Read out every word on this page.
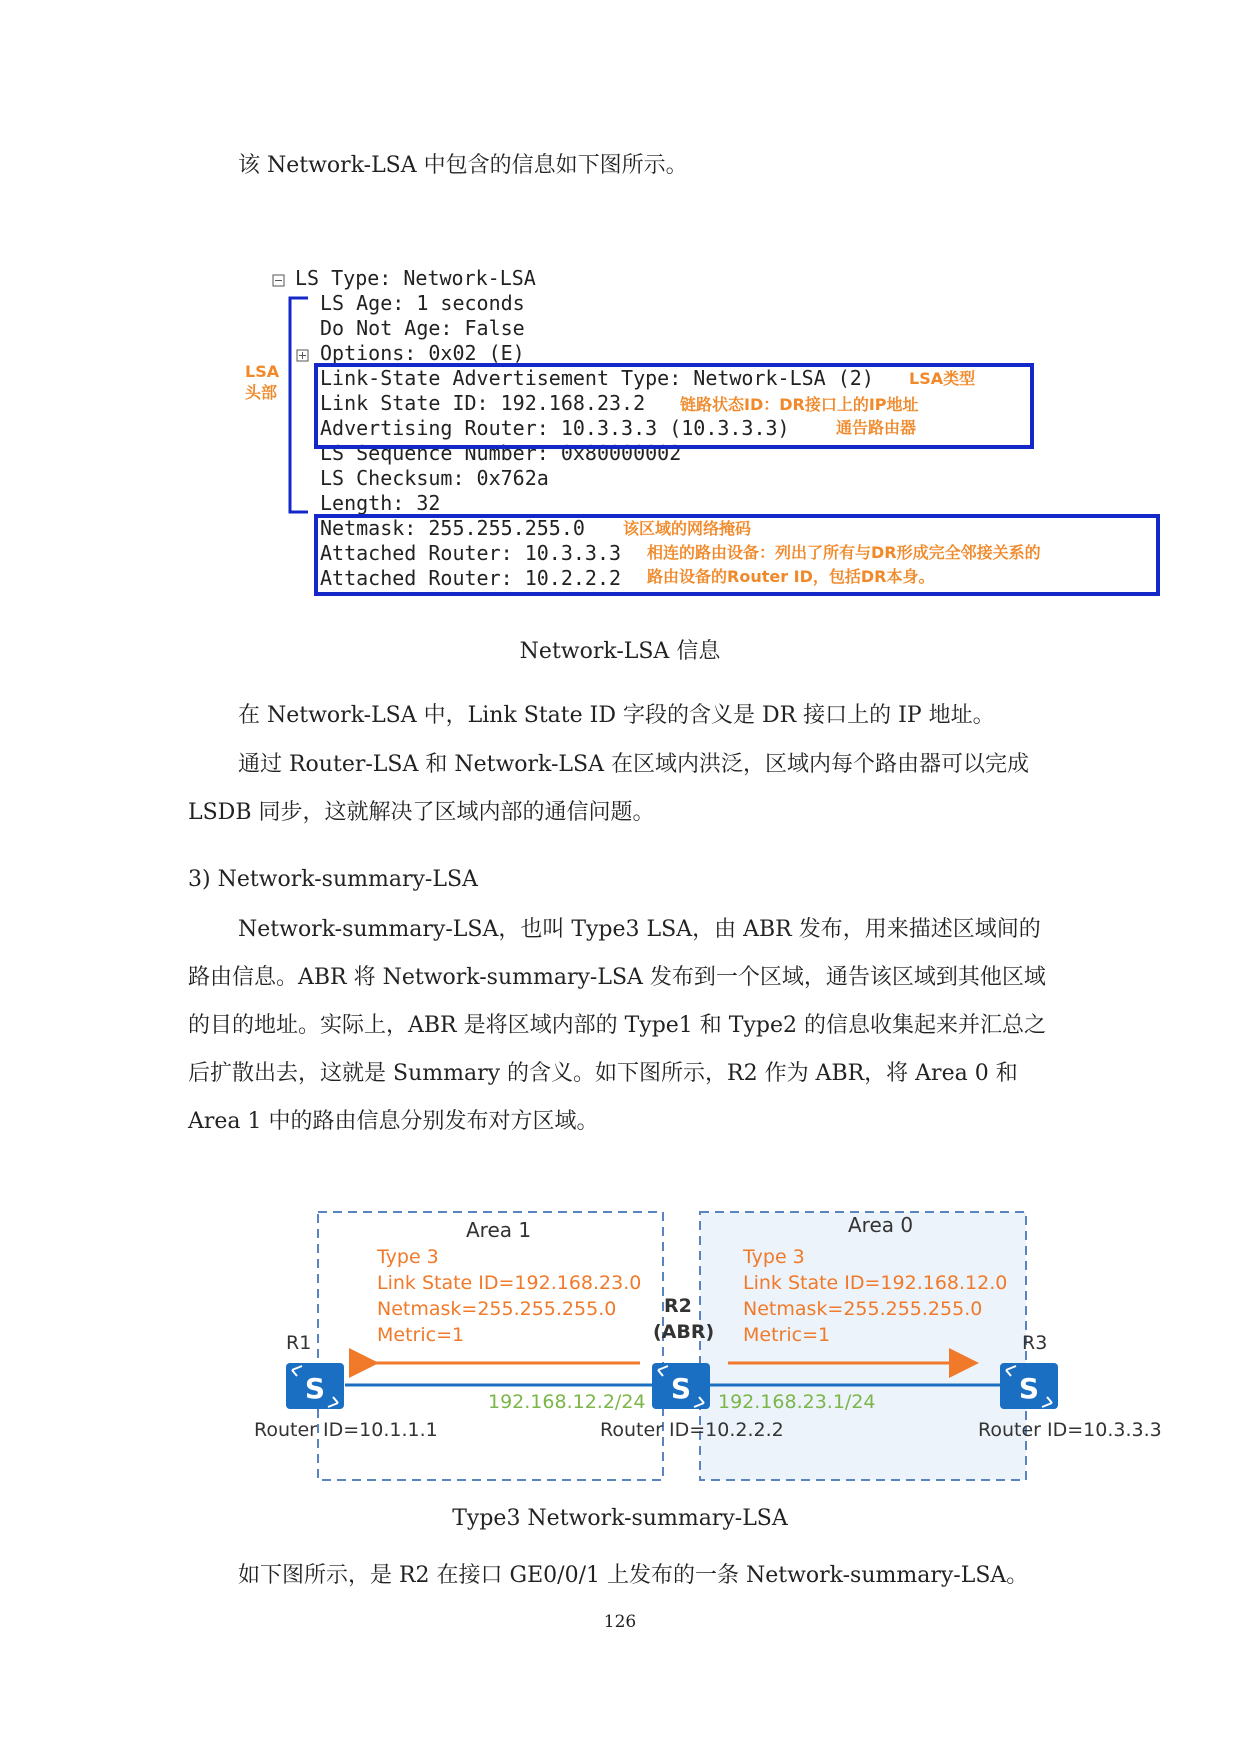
该 Network-LSA 中包含的信息如下图所示。

LSA
头部
LS Type: Network-LSA
LS Age: 1 seconds
Do Not Age: False
Options: 0x02 (E)
Link-State Advertisement Type: Network-LSA (2)
Link State ID: 192.168.23.2
Advertising Router: 10.3.3.3 (10.3.3.3)
LS Sequence Number: 0x80000002
LS Checksum: 0x762a
Length: 32
Netmask: 255.255.255.0
Attached Router: 10.3.3.3
Attached Router: 10.2.2.2
LSA类型
链路状态ID：DR接口上的IP地址
通告路由器
该区域的网络掩码
相连的路由设备：列出了所有与DR形成完全邻接关系的
路由设备的Router ID，包括DR本身。

Network-LSA 信息

在 Network-LSA 中，Link State ID 字段的含义是 DR 接口上的 IP 地址。

通过 Router-LSA 和 Network-LSA 在区域内洪泛，区域内每个路由器可以完成 LSDB 同步，这就解决了区域内部的通信问题。

3) Network-summary-LSA

Network-summary-LSA，也叫 Type3 LSA，由 ABR 发布，用来描述区域间的路由信息。ABR 将 Network-summary-LSA 发布到一个区域，通告该区域到其他区域的目的地址。实际上，ABR 是将区域内部的 Type1 和 Type2 的信息收集起来并汇总之后扩散出去，这就是 Summary 的含义。如下图所示，R2 作为 ABR，将 Area 0 和 Area 1 中的路由信息分别发布对方区域。

Area 1	Area 0
Type 3
Link State ID=192.168.23.0
Netmask=255.255.255.0
Metric=1
Type 3
Link State ID=192.168.12.0
Netmask=255.255.255.0
Metric=1
S	S	S
R1
R2
(ABR)	R3
192.168.12.2/24	192.168.23.1/24
Router ID=10.1.1.1	Router ID=10.2.2.2	Router ID=10.3.3.3

Type3 Network-summary-LSA

如下图所示，是 R2 在接口 GE0/0/1 上发布的一条 Network-summary-LSA。

126
